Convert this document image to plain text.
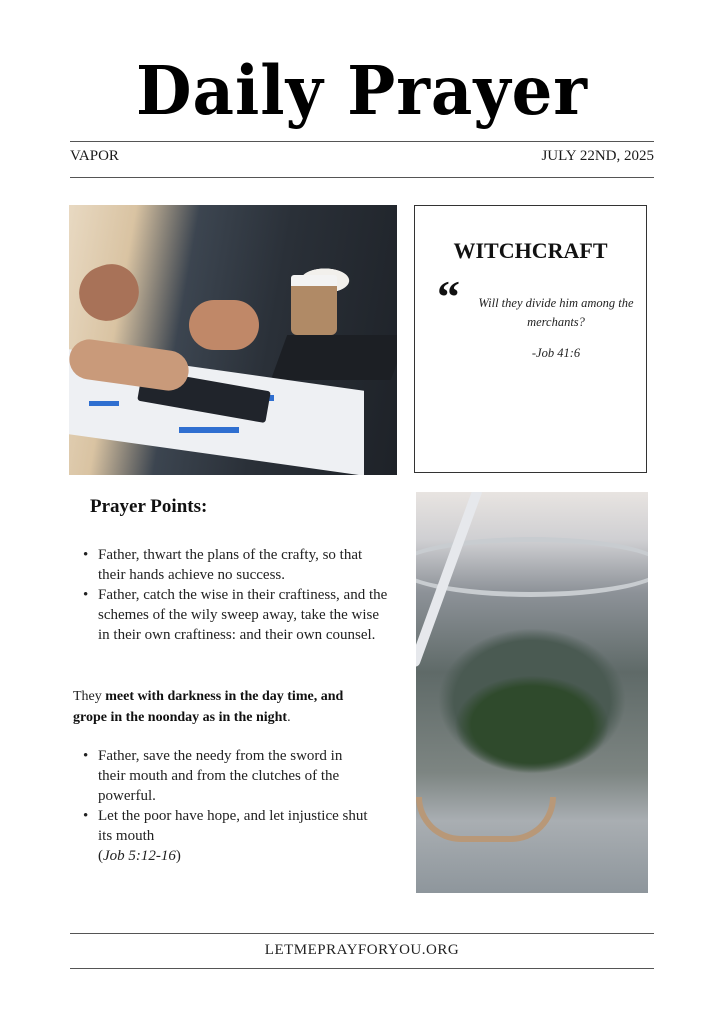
Daily Prayer
VAPOR	JULY 22ND, 2025
WITCHCRAFT
“	Will they divide him among the merchants?
-Job 41:6
Prayer Points:
• Father, thwart the plans of the crafty, so that their hands achieve no success.
• Father, catch the wise in their craftiness, and the schemes of the wily sweep away, take the wise in their own craftiness: and their own counsel.
They meet with darkness in the day time, and grope in the noonday as in the night.
• Father, save the needy from the sword in their mouth and from the clutches of the powerful.
• Let the poor have hope, and let injustice shut its mouth
(Job 5:12-16)
LETMEPRAYFORYOU.ORG
